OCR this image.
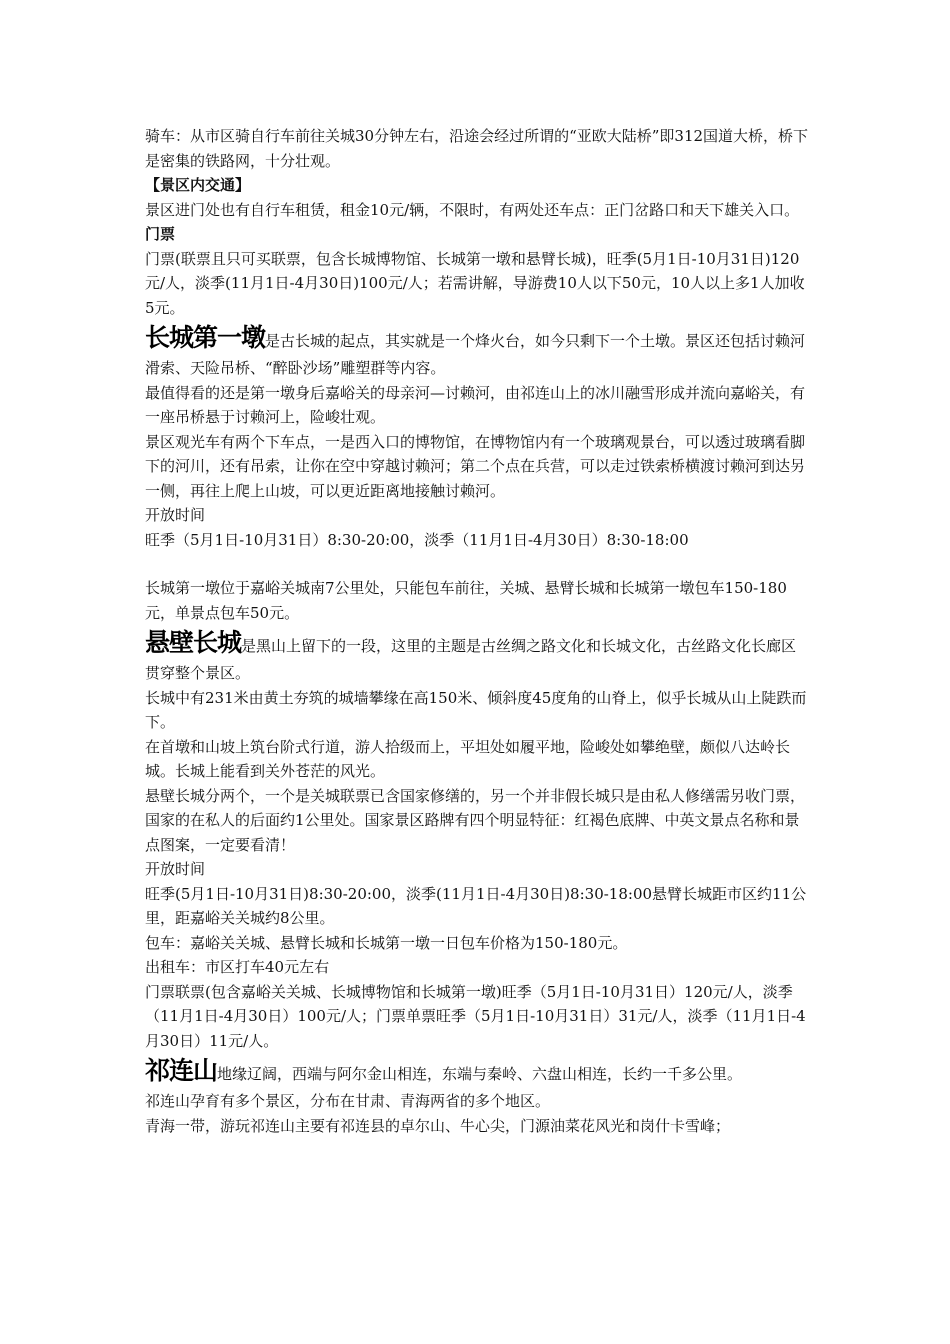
骑车：从市区骑自行车前往关城30分钟左右，沿途会经过所谓的“亚欧大陆桥”即312国道大桥，桥下是密集的铁路网，十分壮观。

【景区内交通】

景区进门处也有自行车租赁，租金10元/辆，不限时，有两处还车点：正门岔路口和天下雄关入口。

门票

门票(联票且只可买联票，包含长城博物馆、长城第一墩和悬臂长城)，旺季(5月1日-10月31日)120元/人，淡季(11月1日-4月30日)100元/人；若需讲解，导游费10人以下50元，10人以上多1人加收5元。

长城第一墩是古长城的起点，其实就是一个烽火台，如今只剩下一个土墩。景区还包括讨赖河滑索、天险吊桥、“醉卧沙场”雕塑群等内容。

最值得看的还是第一墩身后嘉峪关的母亲河—讨赖河，由祁连山上的冰川融雪形成并流向嘉峪关，有一座吊桥悬于讨赖河上，险峻壮观。

景区观光车有两个下车点，一是西入口的博物馆，在博物馆内有一个玻璃观景台，可以透过玻璃看脚下的河川，还有吊索，让你在空中穿越讨赖河；第二个点在兵营，可以走过铁索桥横渡讨赖河到达另一侧，再往上爬上山坡，可以更近距离地接触讨赖河。

开放时间

旺季（5月1日-10月31日）8:30-20:00，淡季（11月1日-4月30日）8:30-18:00

长城第一墩位于嘉峪关城南7公里处，只能包车前往，关城、悬臂长城和长城第一墩包车150-180元，单景点包车50元。

悬壁长城是黑山上留下的一段，这里的主题是古丝绸之路文化和长城文化，古丝路文化长廊区贯穿整个景区。

长城中有231米由黄土夯筑的城墙攀缘在高150米、倾斜度45度角的山脊上，似乎长城从山上陡跌而下。

在首墩和山坡上筑台阶式行道，游人拾级而上，平坦处如履平地，险峻处如攀绝壁，颇似八达岭长城。长城上能看到关外苍茫的风光。

悬壁长城分两个，一个是关城联票已含国家修缮的，另一个并非假长城只是由私人修缮需另收门票，国家的在私人的后面约1公里处。国家景区路牌有四个明显特征：红褐色底牌、中英文景点名称和景点图案，一定要看清！

开放时间

旺季(5月1日-10月31日)8:30-20:00，淡季(11月1日-4月30日)8:30-18:00悬臂长城距市区约11公里，距嘉峪关关城约8公里。

包车：嘉峪关关城、悬臂长城和长城第一墩一日包车价格为150-180元。

出租车：市区打车40元左右

门票联票(包含嘉峪关关城、长城博物馆和长城第一墩)旺季（5月1日-10月31日）120元/人，淡季（11月1日-4月30日）100元/人；门票单票旺季（5月1日-10月31日）31元/人，淡季（11月1日-4月30日）11元/人。

祁连山地缘辽阔，西端与阿尔金山相连，东端与秦岭、六盘山相连，长约一千多公里。

祁连山孕育有多个景区，分布在甘肃、青海两省的多个地区。

青海一带，游玩祁连山主要有祁连县的卓尔山、牛心尖，门源油菜花风光和岗什卡雪峰；
